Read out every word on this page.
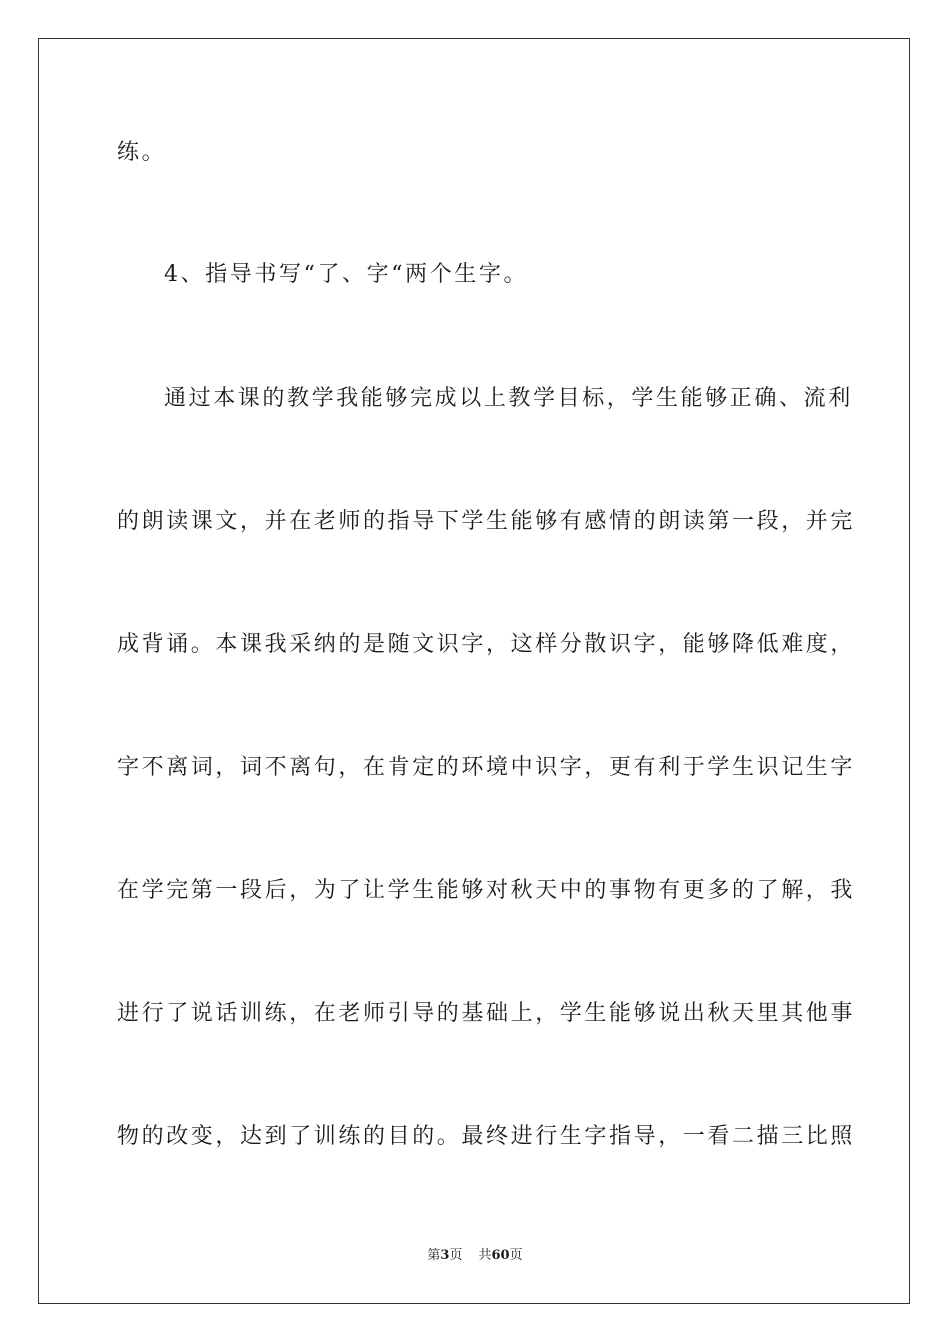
练。
4、指导书写“了、字“两个生字。
通过本课的教学我能够完成以上教学目标，学生能够正确、流利
的朗读课文，并在老师的指导下学生能够有感情的朗读第一段，并完
成背诵。本课我采纳的是随文识字，这样分散识字，能够降低难度，
字不离词，词不离句，在肯定的环境中识字，更有利于学生识记生字
在学完第一段后，为了让学生能够对秋天中的事物有更多的了解，我
进行了说话训练，在老师引导的基础上，学生能够说出秋天里其他事
物的改变，达到了训练的目的。最终进行生字指导，一看二描三比照
第3页 共60页
